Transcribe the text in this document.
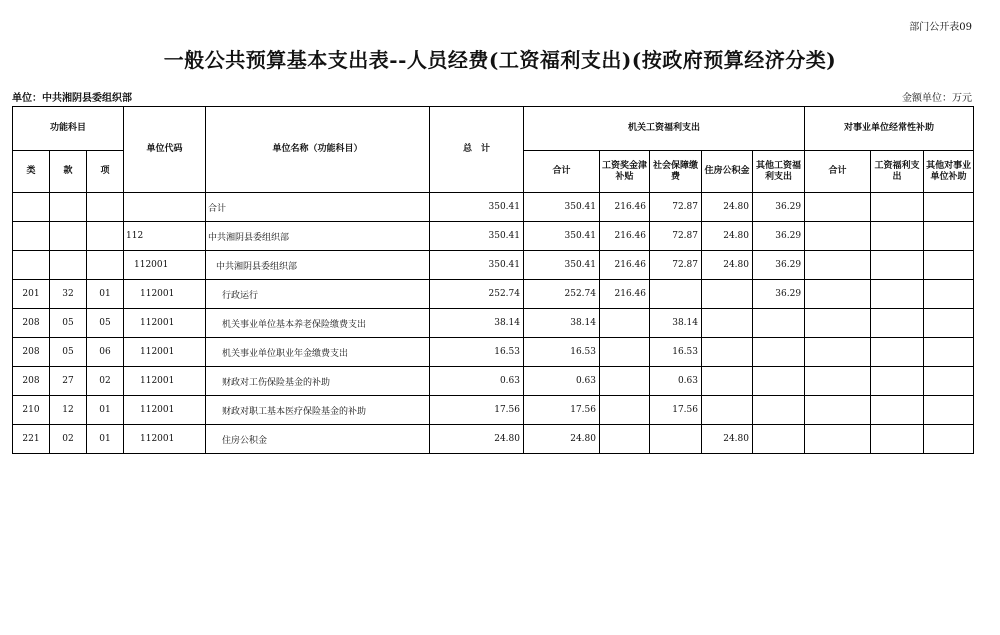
部门公开表09
一般公共预算基本支出表--人员经费(工资福利支出)(按政府预算经济分类)
单位：中共湘阴县委组织部	金额单位：万元
功能科目			单位代码	单位名称（功能科目）	总　计	机关工资福利支出					对事业单位经常性补助		
类	款	项				合计	工资奖金津补贴	社会保障缴费	住房公积金	其他工资福利支出	合计	工资福利支出	其他对事业单位补助
				合计	350.41	350.41	216.46	72.87	24.80	36.29			
			112	中共湘阴县委组织部	350.41	350.41	216.46	72.87	24.80	36.29			
			112001	中共湘阴县委组织部	350.41	350.41	216.46	72.87	24.80	36.29			
201	32	01	112001	行政运行	252.74	252.74	216.46			36.29			
208	05	05	112001	机关事业单位基本养老保险缴费支出	38.14	38.14		38.14					
208	05	06	112001	机关事业单位职业年金缴费支出	16.53	16.53		16.53					
208	27	02	112001	财政对工伤保险基金的补助	0.63	0.63		0.63					
210	12	01	112001	财政对职工基本医疗保险基金的补助	17.56	17.56		17.56					
221	02	01	112001	住房公积金	24.80	24.80			24.80				
